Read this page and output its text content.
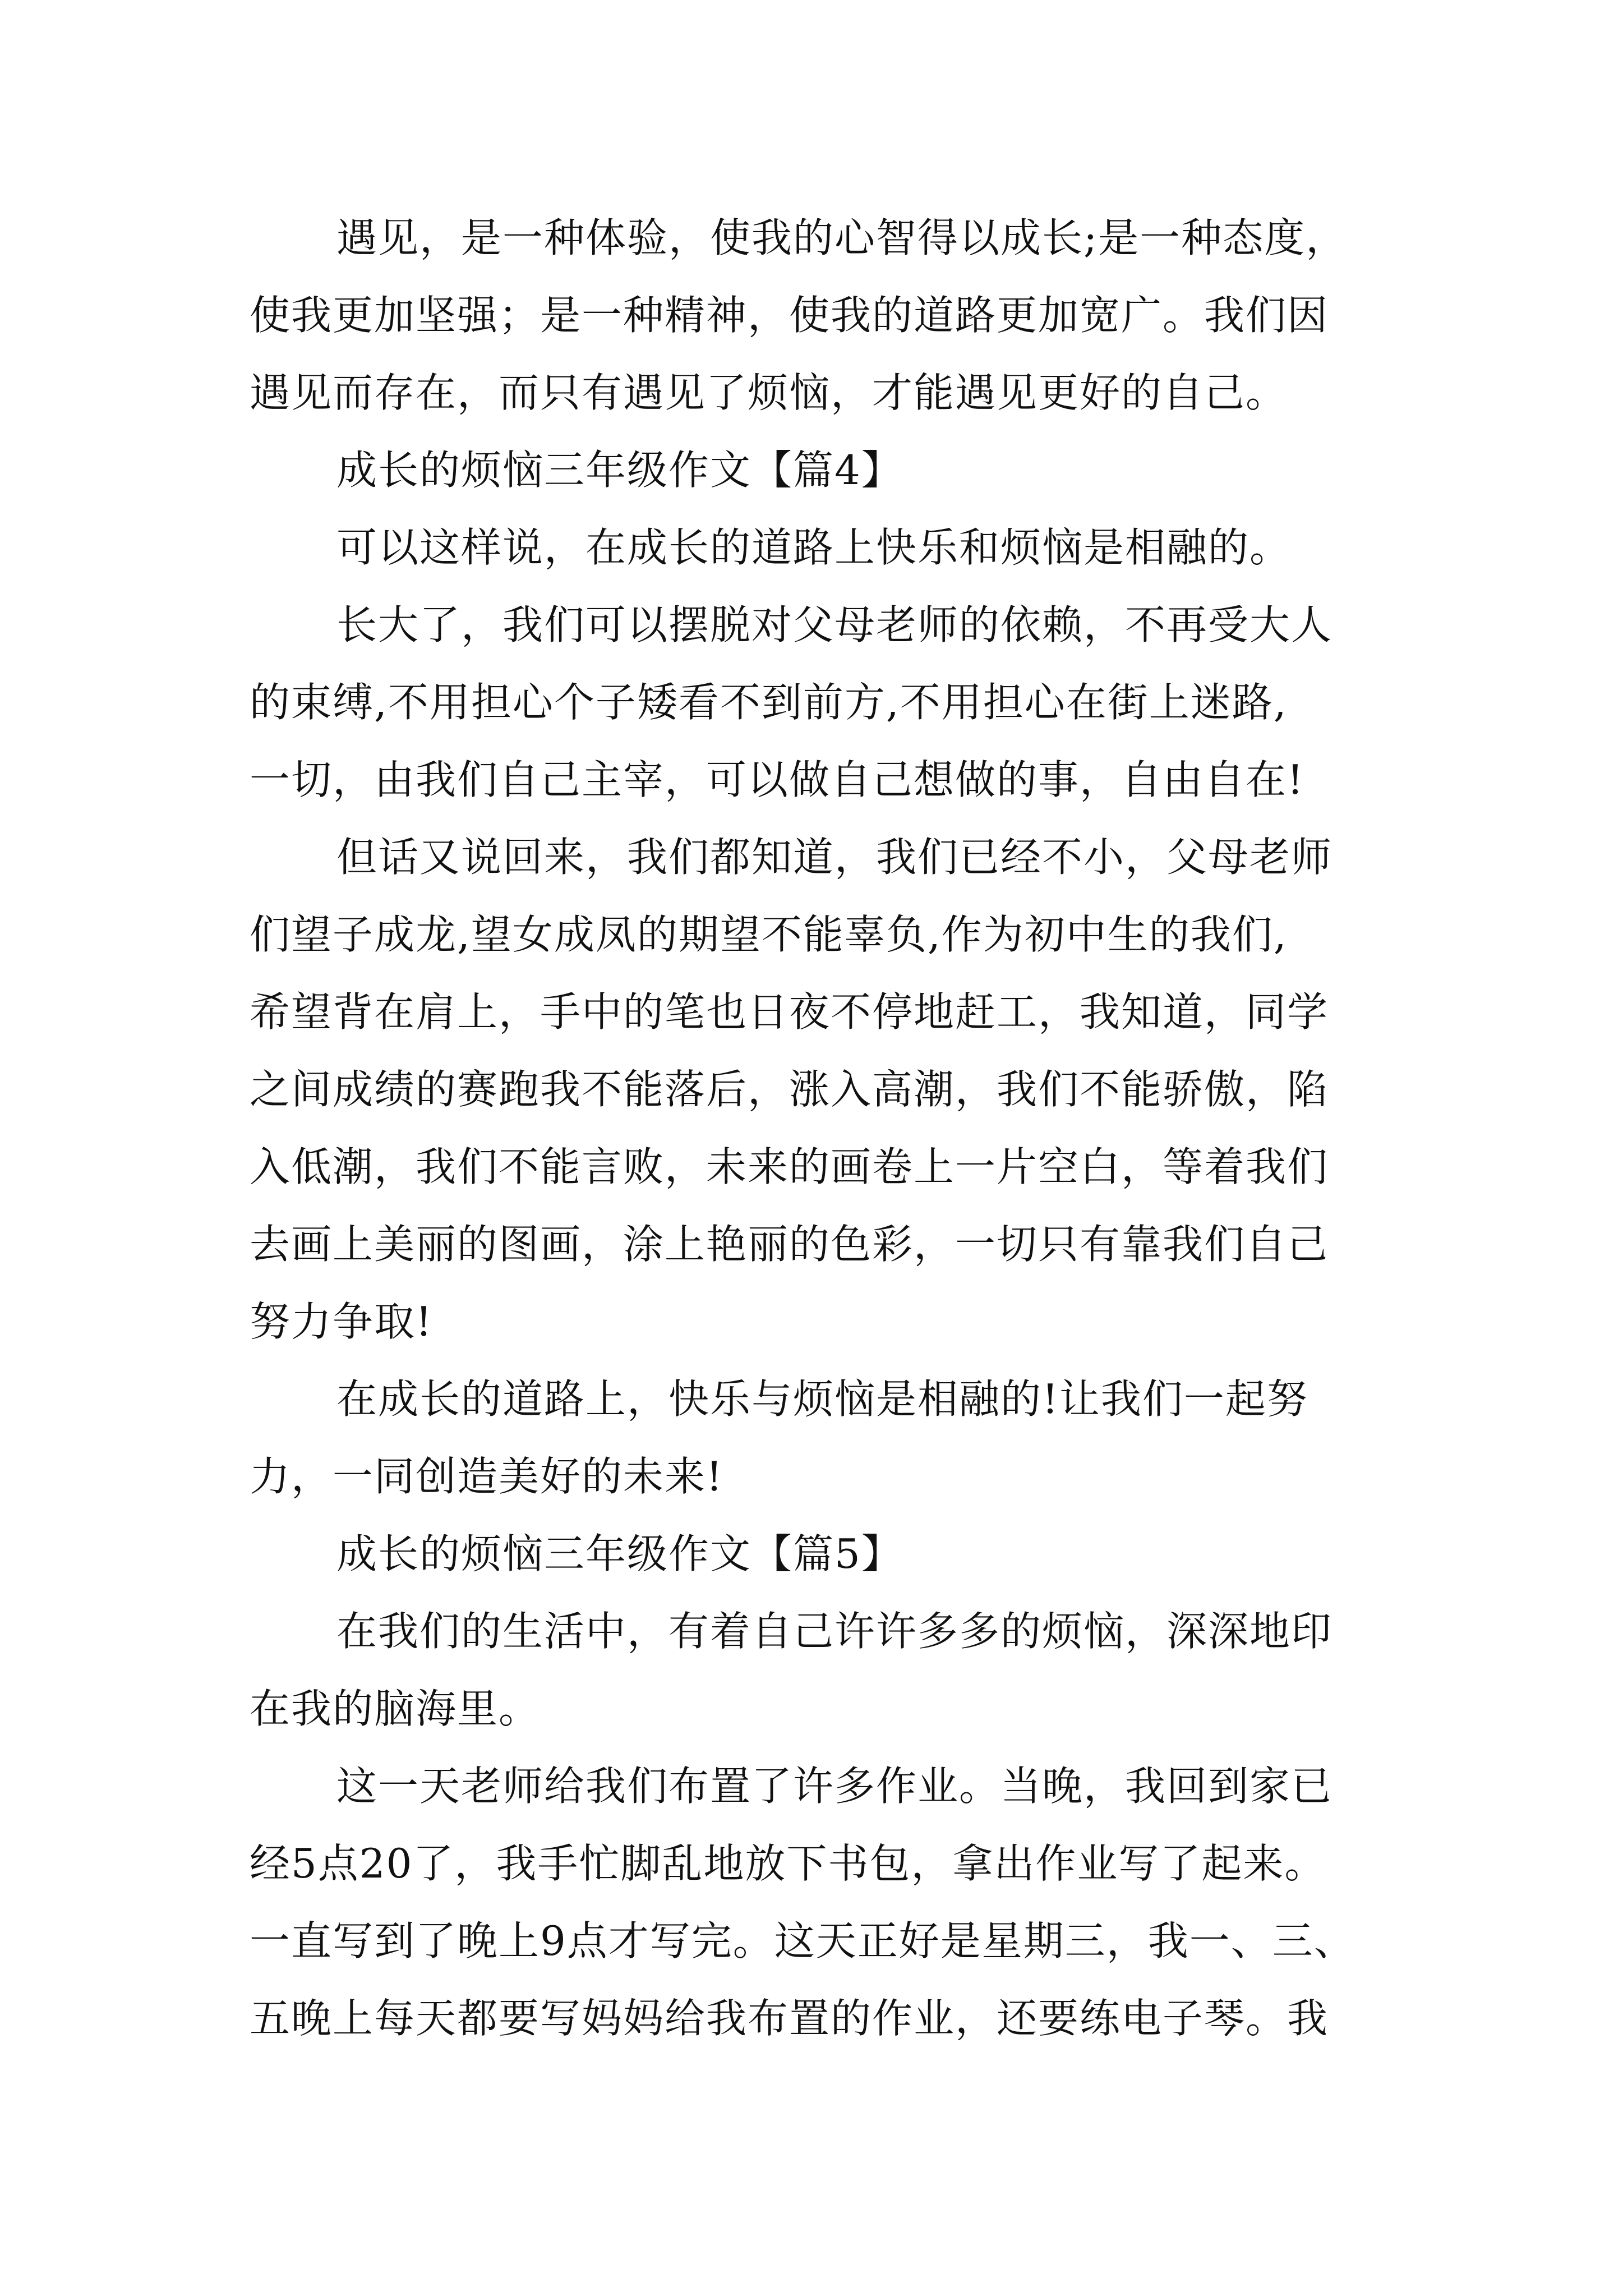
遇见，是一种体验，使我的心智得以成长;是一种态度，
使我更加坚强；是一种精神，使我的道路更加宽广。我们因
遇见而存在，而只有遇见了烦恼，才能遇见更好的自己。
成长的烦恼三年级作文【篇4】
可以这样说，在成长的道路上快乐和烦恼是相融的。
长大了，我们可以摆脱对父母老师的依赖，不再受大人
的束缚,不用担心个子矮看不到前方,不用担心在街上迷路,
一切，由我们自己主宰，可以做自己想做的事，自由自在!
但话又说回来，我们都知道，我们已经不小，父母老师
们望子成龙,望女成凤的期望不能辜负,作为初中生的我们,
希望背在肩上，手中的笔也日夜不停地赶工，我知道，同学
之间成绩的赛跑我不能落后，涨入高潮，我们不能骄傲，陷
入低潮，我们不能言败，未来的画卷上一片空白，等着我们
去画上美丽的图画，涂上艳丽的色彩，一切只有靠我们自己
努力争取!
在成长的道路上，快乐与烦恼是相融的!让我们一起努
力，一同创造美好的未来!
成长的烦恼三年级作文【篇5】
在我们的生活中，有着自己许许多多的烦恼，深深地印
在我的脑海里。
这一天老师给我们布置了许多作业。当晚，我回到家已
经5点20了，我手忙脚乱地放下书包，拿出作业写了起来。
一直写到了晚上9点才写完。这天正好是星期三，我一、三、
五晚上每天都要写妈妈给我布置的作业，还要练电子琴。我
